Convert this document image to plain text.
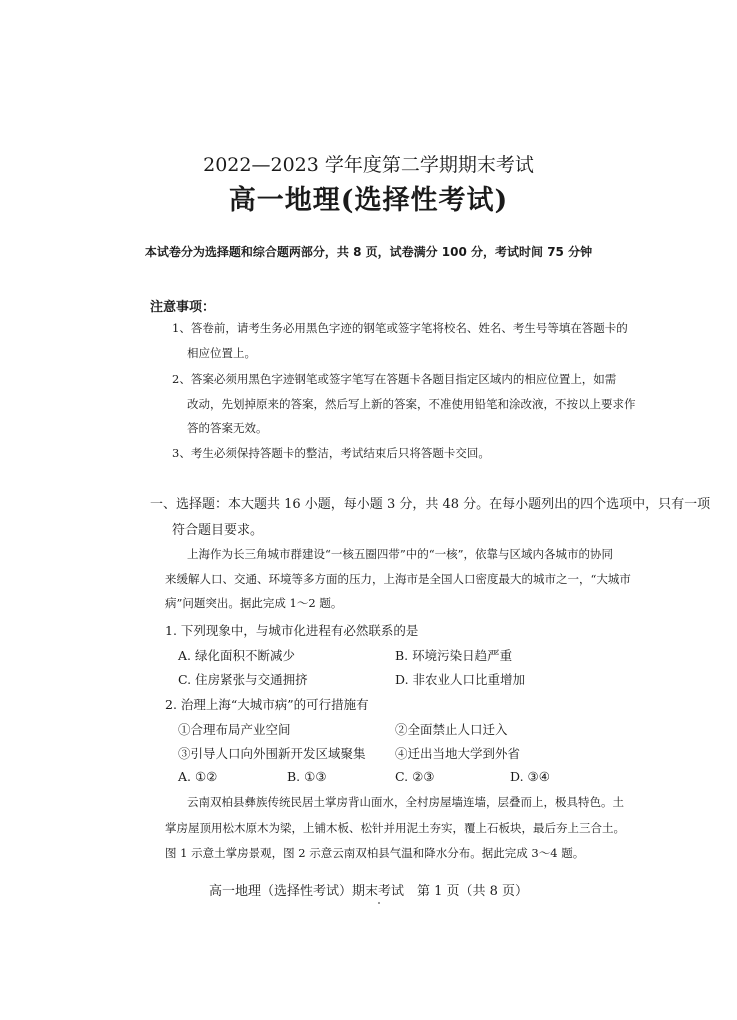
2022—2023 学年度第二学期期末考试
高一地理(选择性考试)
本试卷分为选择题和综合题两部分，共 8 页，试卷满分 100 分，考试时间 75 分钟
注意事项：
1、答卷前，请考生务必用黑色字迹的钢笔或签字笔将校名、姓名、考生号等填在答题卡的
相应位置上。
2、答案必须用黑色字迹钢笔或签字笔写在答题卡各题目指定区域内的相应位置上，如需
改动，先划掉原来的答案，然后写上新的答案，不准使用铅笔和涂改液，不按以上要求作
答的答案无效。
3、考生必须保持答题卡的整洁，考试结束后只将答题卡交回。
一、选择题：本大题共 16 小题，每小题 3 分，共 48 分。在每小题列出的四个选项中，只有一项
符合题目要求。
上海作为长三角城市群建设“一核五圈四带”中的“一核”，依靠与区域内各城市的协同
来缓解人口、交通、环境等多方面的压力，上海市是全国人口密度最大的城市之一，“大城市
病”问题突出。据此完成 1～2 题。
1. 下列现象中，与城市化进程有必然联系的是
A. 绿化面积不断减少	B. 环境污染日趋严重
C. 住房紧张与交通拥挤	D. 非农业人口比重增加
2. 治理上海“大城市病”的可行措施有
①合理布局产业空间	②全面禁止人口迁入
③引导人口向外围新开发区域聚集 ④迁出当地大学到外省
A. ①②	B. ①③	C. ②③	D. ③④
云南双柏县彝族传统民居土掌房背山面水，全村房屋墙连墙，层叠而上，极具特色。土
掌房屋顶用松木原木为梁，上铺木板、松针并用泥土夯实，覆上石板块，最后夯上三合土。
图 1 示意土掌房景观，图 2 示意云南双柏县气温和降水分布。据此完成 3～4 题。
高一地理（选择性考试）期末考试　第 1 页（共 8 页）
